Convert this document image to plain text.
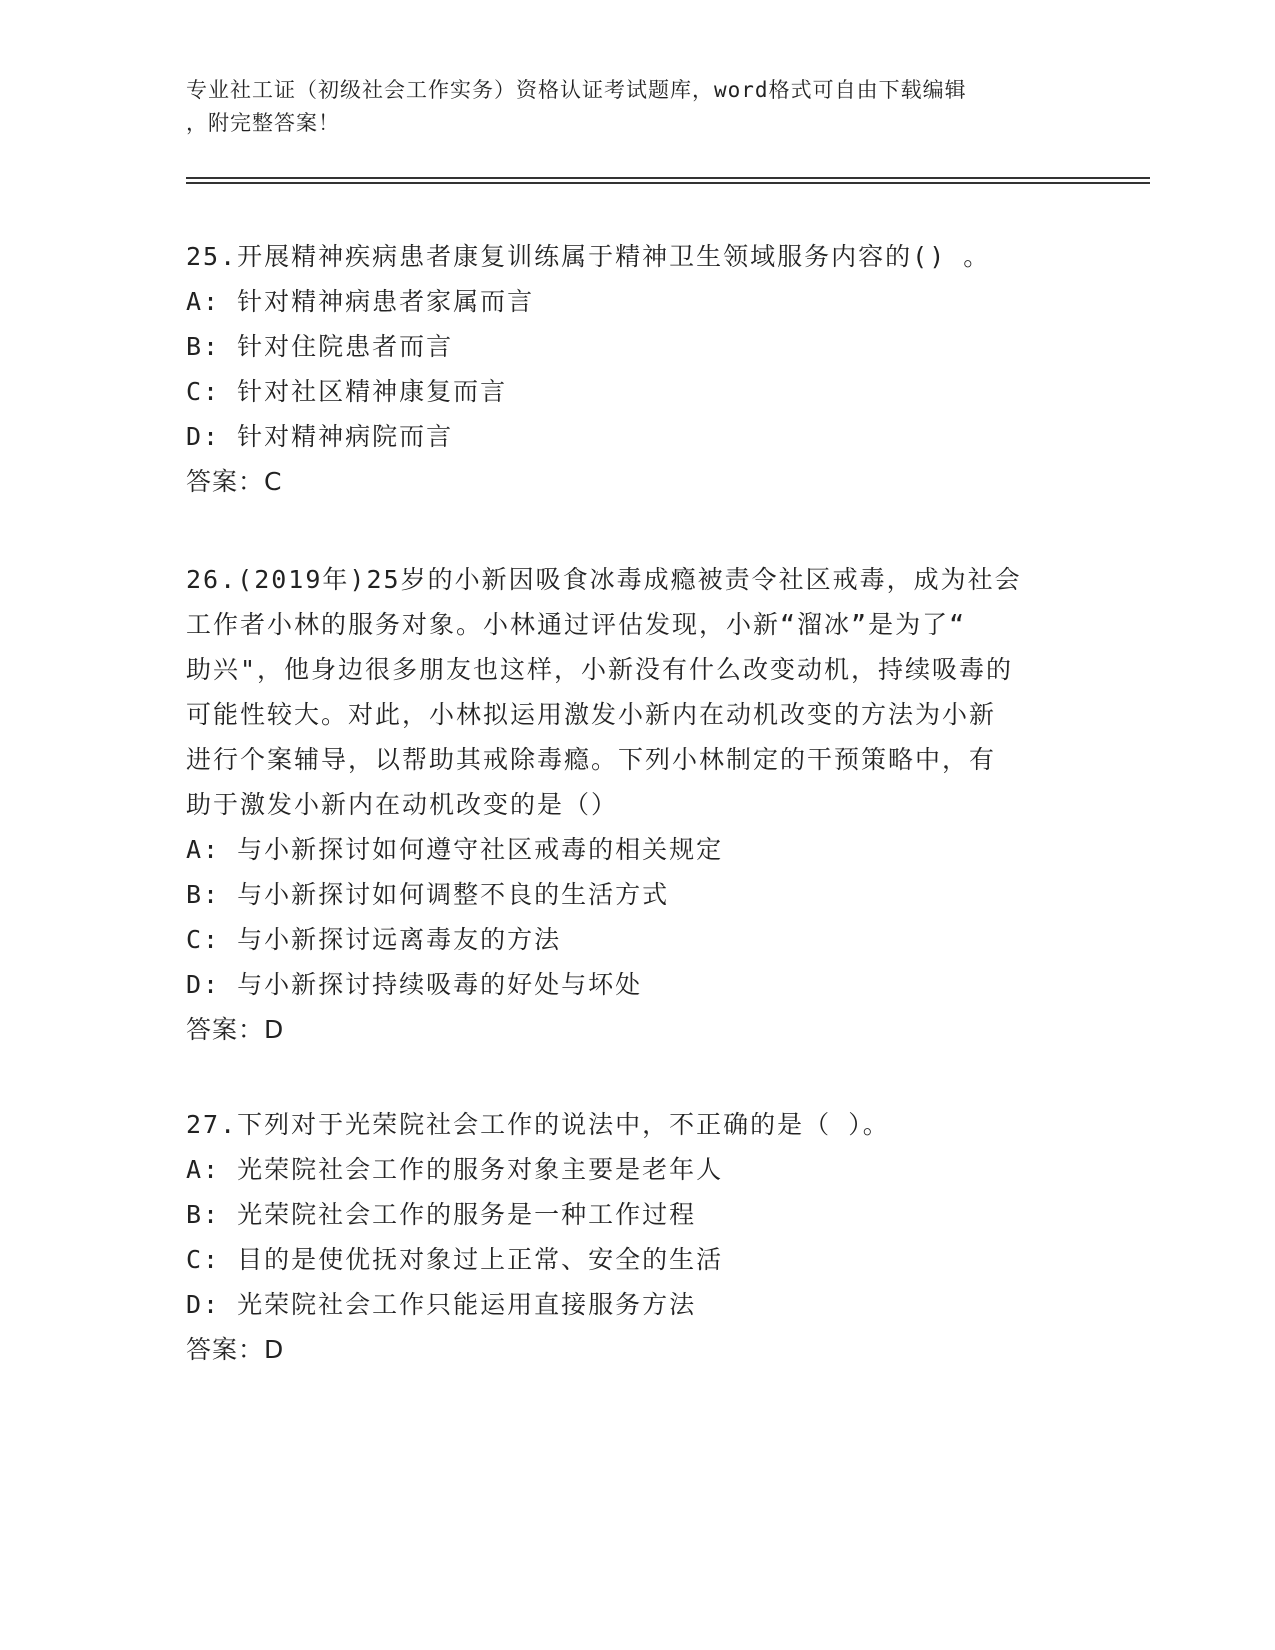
专业社工证（初级社会工作实务）资格认证考试题库，word格式可自由下载编辑
，附完整答案！
25.开展精神疾病患者康复训练属于精神卫生领域服务内容的() 。
A: 针对精神病患者家属而言
B: 针对住院患者而言
C: 针对社区精神康复而言
D: 针对精神病院而言
答案：C
26.(2019年)25岁的小新因吸食冰毒成瘾被责令社区戒毒，成为社会
工作者小林的服务对象。小林通过评估发现，小新“溜冰”是为了“
助兴"，他身边很多朋友也这样，小新没有什么改变动机，持续吸毒的
可能性较大。对此，小林拟运用激发小新内在动机改变的方法为小新
进行个案辅导，以帮助其戒除毒瘾。下列小林制定的干预策略中，有
助于激发小新内在动机改变的是（）
A: 与小新探讨如何遵守社区戒毒的相关规定
B: 与小新探讨如何调整不良的生活方式
C: 与小新探讨远离毒友的方法
D: 与小新探讨持续吸毒的好处与坏处
答案：D
27.下列对于光荣院社会工作的说法中，不正确的是（ ）。
A: 光荣院社会工作的服务对象主要是老年人
B: 光荣院社会工作的服务是一种工作过程
C: 目的是使优抚对象过上正常、安全的生活
D: 光荣院社会工作只能运用直接服务方法
答案：D
